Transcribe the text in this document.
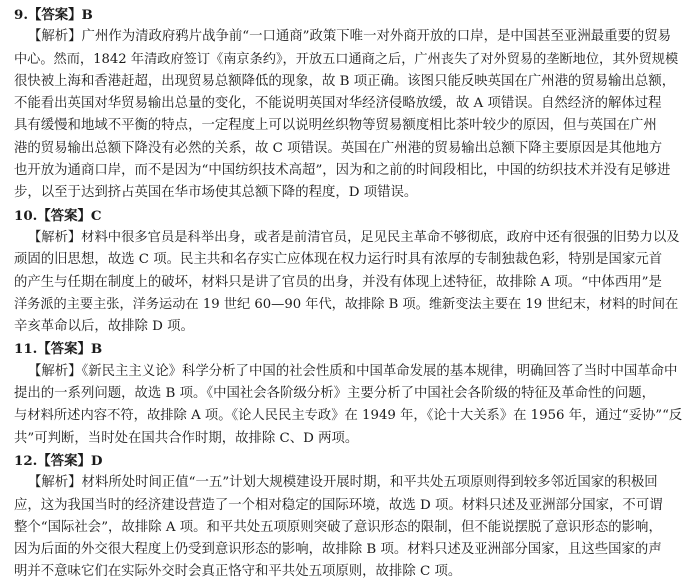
9.【答案】B
【解析】广州作为清政府鸦片战争前“一口通商”政策下唯一对外商开放的口岸，是中国甚至亚洲最重要的贸易
中心。然而，1842 年清政府签订《南京条约》，开放五口通商之后，广州丧失了对外贸易的垄断地位，其外贸规模
很快被上海和香港赶超，出现贸易总额降低的现象，故 B 项正确。该图只能反映英国在广州港的贸易输出总额，
不能看出英国对华贸易输出总量的变化，不能说明英国对华经济侵略放缓，故 A 项错误。自然经济的解体过程
具有缓慢和地域不平衡的特点，一定程度上可以说明丝织物等贸易额度相比茶叶较少的原因，但与英国在广州
港的贸易输出总额下降没有必然的关系，故 C 项错误。英国在广州港的贸易输出总额下降主要原因是其他地方
也开放为通商口岸，而不是因为“中国纺织技术高超”，因为和之前的时间段相比，中国的纺织技术并没有足够进
步，以至于达到挤占英国在华市场使其总额下降的程度，D 项错误。
10.【答案】C
【解析】材料中很多官员是科举出身，或者是前清官员，足见民主革命不够彻底，政府中还有很强的旧势力以及
顽固的旧思想，故选 C 项。民主共和名存实亡应体现在权力运行时具有浓厚的专制独裁色彩，特别是国家元首
的产生与任期在制度上的破坏，材料只是讲了官员的出身，并没有体现上述特征，故排除 A 项。“中体西用”是
洋务派的主要主张，洋务运动在 19 世纪 60—90 年代，故排除 B 项。维新变法主要在 19 世纪末，材料的时间在
辛亥革命以后，故排除 D 项。
11.【答案】B
【解析】《新民主主义论》科学分析了中国的社会性质和中国革命发展的基本规律，明确回答了当时中国革命中
提出的一系列问题，故选 B 项。《中国社会各阶级分析》主要分析了中国社会各阶级的特征及革命性的问题，
与材料所述内容不符，故排除 A 项。《论人民民主专政》在 1949 年，《论十大关系》在 1956 年，通过“妥协”“反
共”可判断，当时处在国共合作时期，故排除 C、D 两项。
12.【答案】D
【解析】材料所处时间正值“一五”计划大规模建设开展时期，和平共处五项原则得到较多邻近国家的积极回
应，这为我国当时的经济建设营造了一个相对稳定的国际环境，故选 D 项。材料只述及亚洲部分国家，不可谓
整个“国际社会”，故排除 A 项。和平共处五项原则突破了意识形态的限制，但不能说摆脱了意识形态的影响，
因为后面的外交很大程度上仍受到意识形态的影响，故排除 B 项。材料只述及亚洲部分国家，且这些国家的声
明并不意味它们在实际外交时会真正恪守和平共处五项原则，故排除 C 项。
